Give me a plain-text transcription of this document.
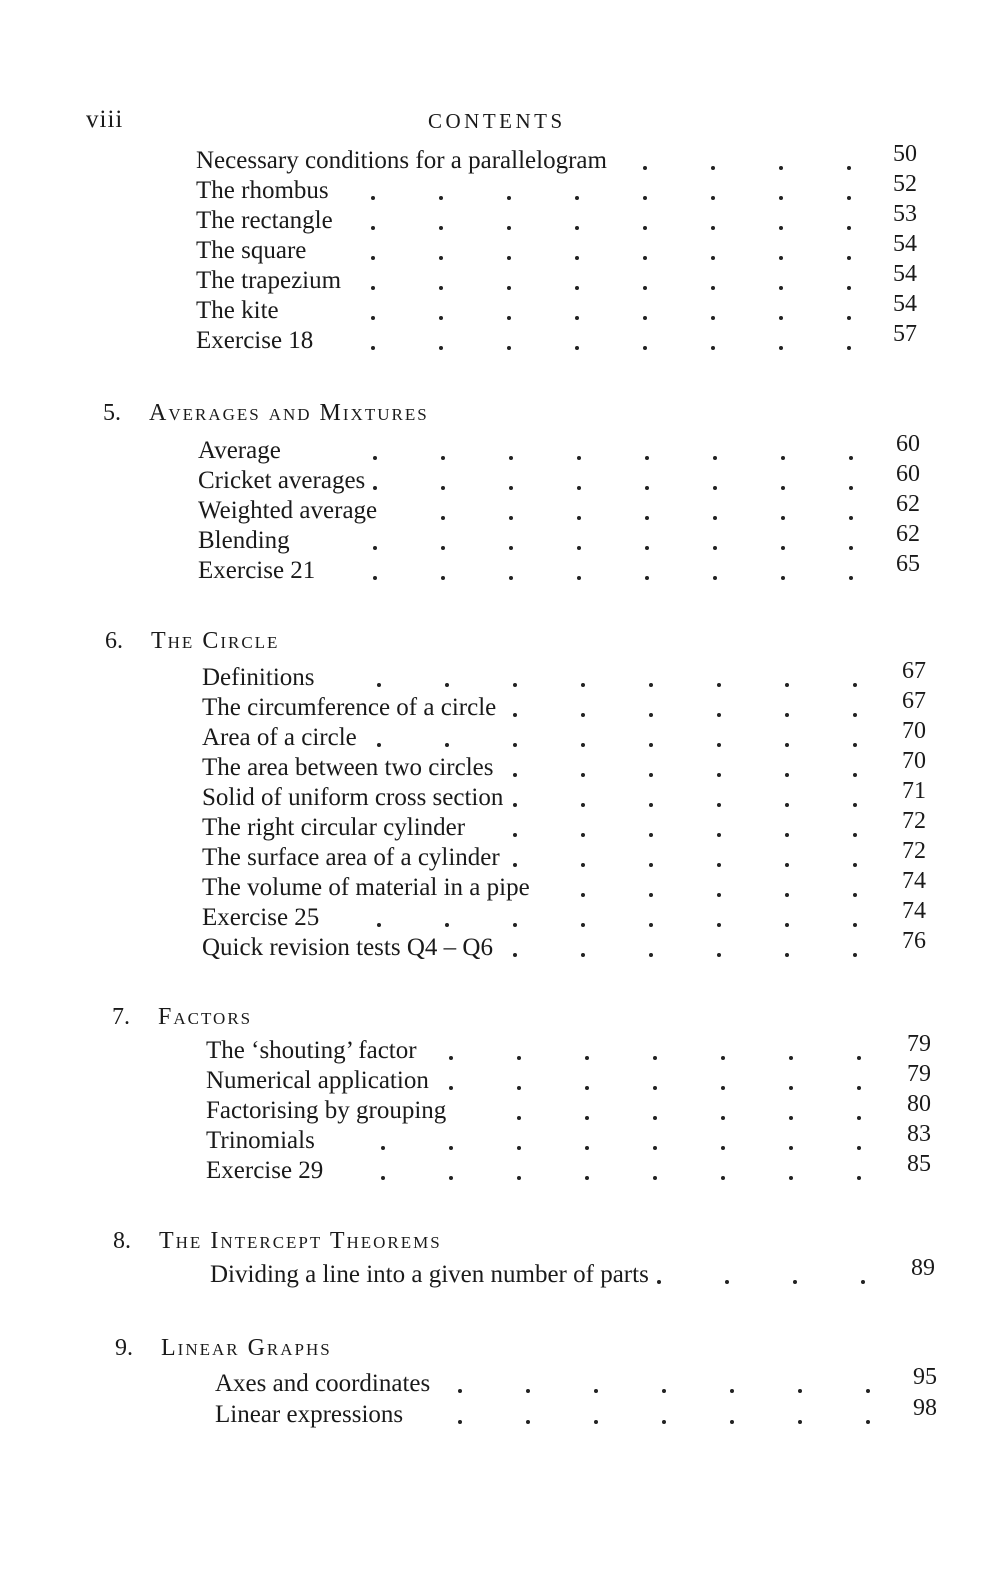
viii	CONTENTS
Necessary conditions for a parallelogram	50
The rhombus	52
The rectangle	53
The square	54
The trapezium	54
The kite	54
Exercise 18	57
5. Averages and Mixtures
Average	60
Cricket averages	60
Weighted average	62
Blending	62
Exercise 21	65
6. The Circle
Definitions	67
The circumference of a circle	67
Area of a circle	70
The area between two circles	70
Solid of uniform cross section	71
The right circular cylinder	72
The surface area of a cylinder	72
The volume of material in a pipe	74
Exercise 25	74
Quick revision tests Q4 – Q6	76
7. Factors
The ‘shouting’ factor	79
Numerical application	79
Factorising by grouping	80
Trinomials	83
Exercise 29	85
8. The Intercept Theorems
Dividing a line into a given number of parts	89
9. Linear Graphs
Axes and coordinates	95
Linear expressions	98
